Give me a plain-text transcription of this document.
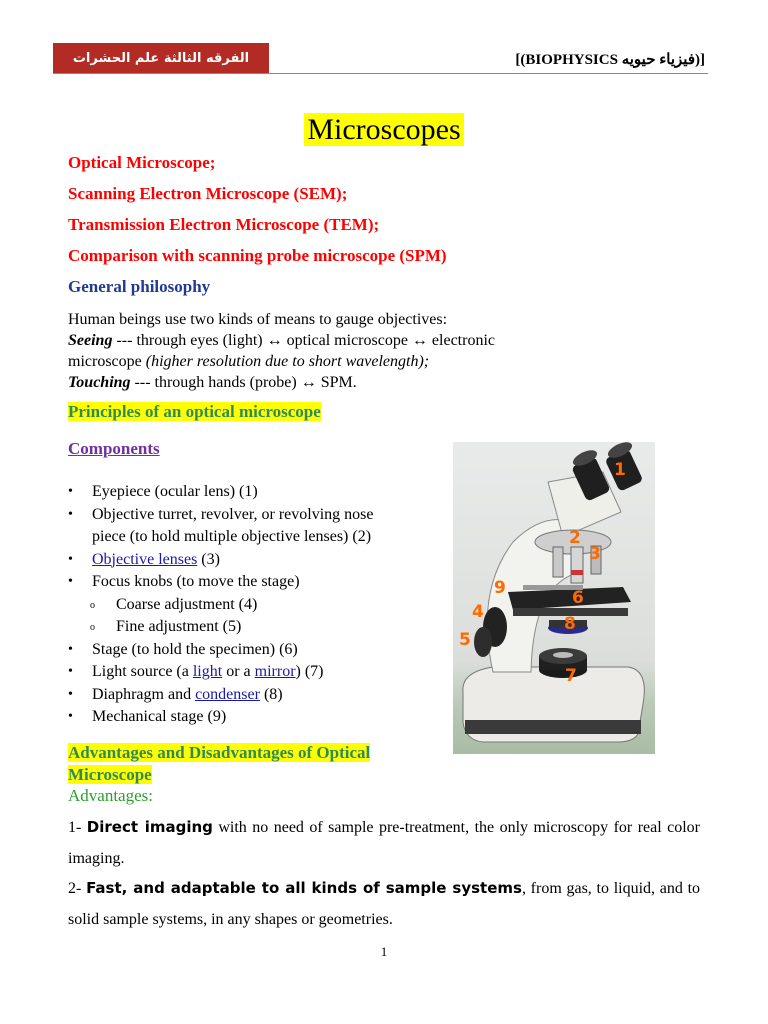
الفرقه الثالثة علم الحشرات	[(BIOPHYSICS فيزياء حيويه)]
Microscopes
Optical Microscope;
Scanning Electron Microscope (SEM);
Transmission Electron Microscope (TEM);
Comparison with scanning probe microscope (SPM)
General philosophy
Human beings use two kinds of means to gauge objectives:
Seeing --- through eyes (light) ↔ optical microscope ↔ electronic
microscope (higher resolution due to short wavelength);
Touching --- through hands (probe) ↔ SPM.
Principles of an optical microscope
Components
• Eyepiece (ocular lens) (1)
• Objective turret, revolver, or revolving nose
piece (to hold multiple objective lenses) (2)
• Objective lenses (3)
• Focus knobs (to move the stage)
o Coarse adjustment (4)
o Fine adjustment (5)
• Stage (to hold the specimen) (6)
• Light source (a light or a mirror) (7)
• Diaphragm and condenser (8)
• Mechanical stage (9)
1
2
3
4
5
6
7
8
9
Advantages and Disadvantages of Optical
Microscope
Advantages:
1- Direct imaging with no need of sample pre-treatment, the only microscopy for real color imaging.
2- Fast, and adaptable to all kinds of sample systems, from gas, to liquid, and to solid sample systems, in any shapes or geometries.
1
